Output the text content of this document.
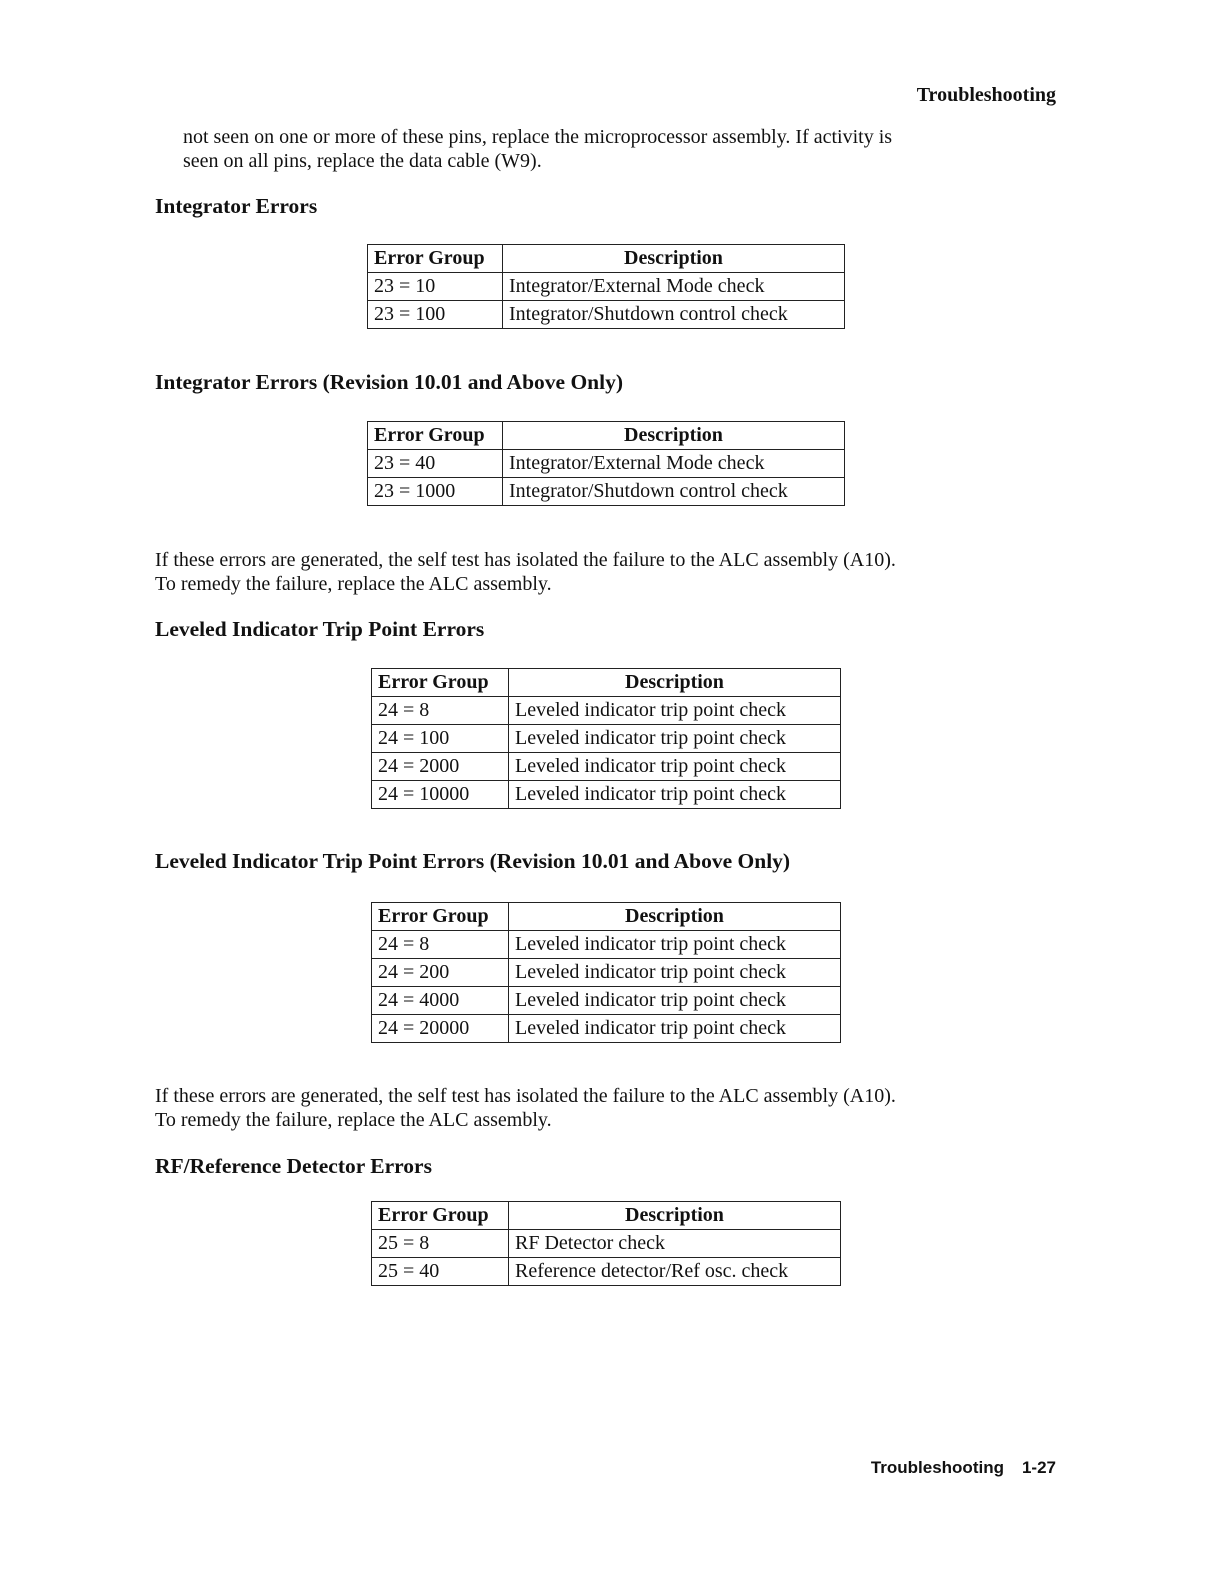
Troubleshooting

not seen on one or more of these pins, replace the microprocessor assembly. If activity is
seen on all pins, replace the data cable (W9).

Integrator Errors
Error Group	Description
23 = 10	Integrator/External Mode check
23 = 100	Integrator/Shutdown control check
Integrator Errors (Revision 10.01 and Above Only)
Error Group	Description
23 = 40	Integrator/External Mode check
23 = 1000	Integrator/Shutdown control check

If these errors are generated, the self test has isolated the failure to the ALC assembly (A10).
To remedy the failure, replace the ALC assembly.

Leveled Indicator Trip Point Errors
Error Group	Description
24 = 8	Leveled indicator trip point check
24 = 100	Leveled indicator trip point check
24 = 2000	Leveled indicator trip point check
24 = 10000	Leveled indicator trip point check
Leveled Indicator Trip Point Errors (Revision 10.01 and Above Only)
Error Group	Description
24 = 8	Leveled indicator trip point check
24 = 200	Leveled indicator trip point check
24 = 4000	Leveled indicator trip point check
24 = 20000	Leveled indicator trip point check

If these errors are generated, the self test has isolated the failure to the ALC assembly (A10).
To remedy the failure, replace the ALC assembly.

RF/Reference Detector Errors
Error Group	Description
25 = 8	RF Detector check
25 = 40	Reference detector/Ref osc. check
Troubleshooting 1-27
